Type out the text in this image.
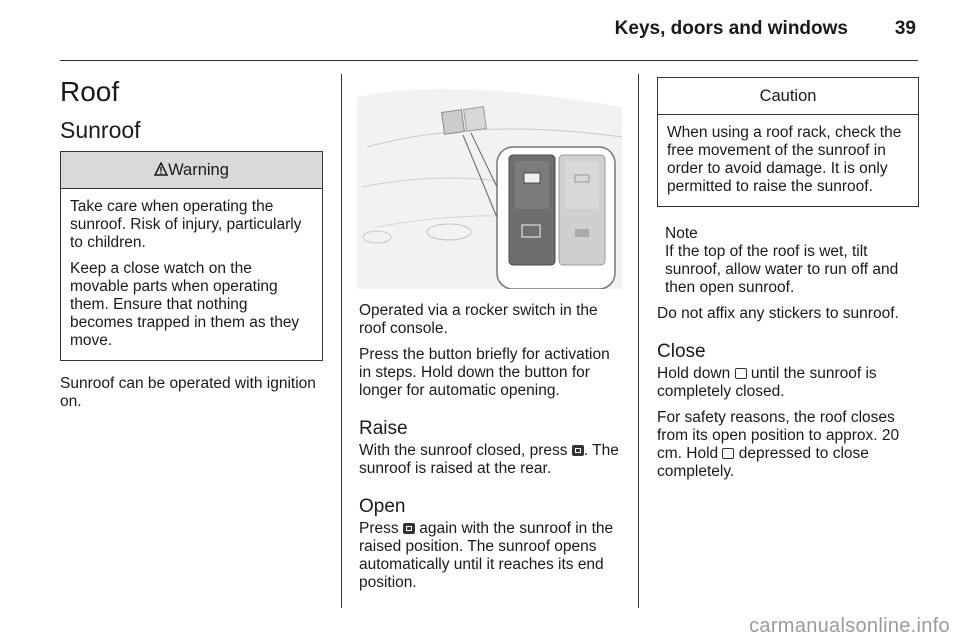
Keys, doors and windows 39
Roof
Sunroof
Warning

Take care when operating the sunroof. Risk of injury, particularly to children.

Keep a close watch on the movable parts when operating them. Ensure that nothing becomes trapped in them as they move.

Sunroof can be operated with ignition on.

Operated via a rocker switch in the roof console.

Press the button briefly for activation in steps. Hold down the button for longer for automatic opening.

Raise

With the sunroof closed, press . The sunroof is raised at the rear.

Open

Press  again with the sunroof in the raised position. The sunroof opens automatically until it reaches its end position.

Caution

When using a roof rack, check the free movement of the sunroof in order to avoid damage. It is only permitted to raise the sunroof.

Note
If the top of the roof is wet, tilt sunroof, allow water to run off and then open sunroof.

Do not affix any stickers to sunroof.

Close

Hold down  until the sunroof is completely closed.

For safety reasons, the roof closes from its open position to approx. 20 cm. Hold  depressed to close completely.

carmanualsonline.info
